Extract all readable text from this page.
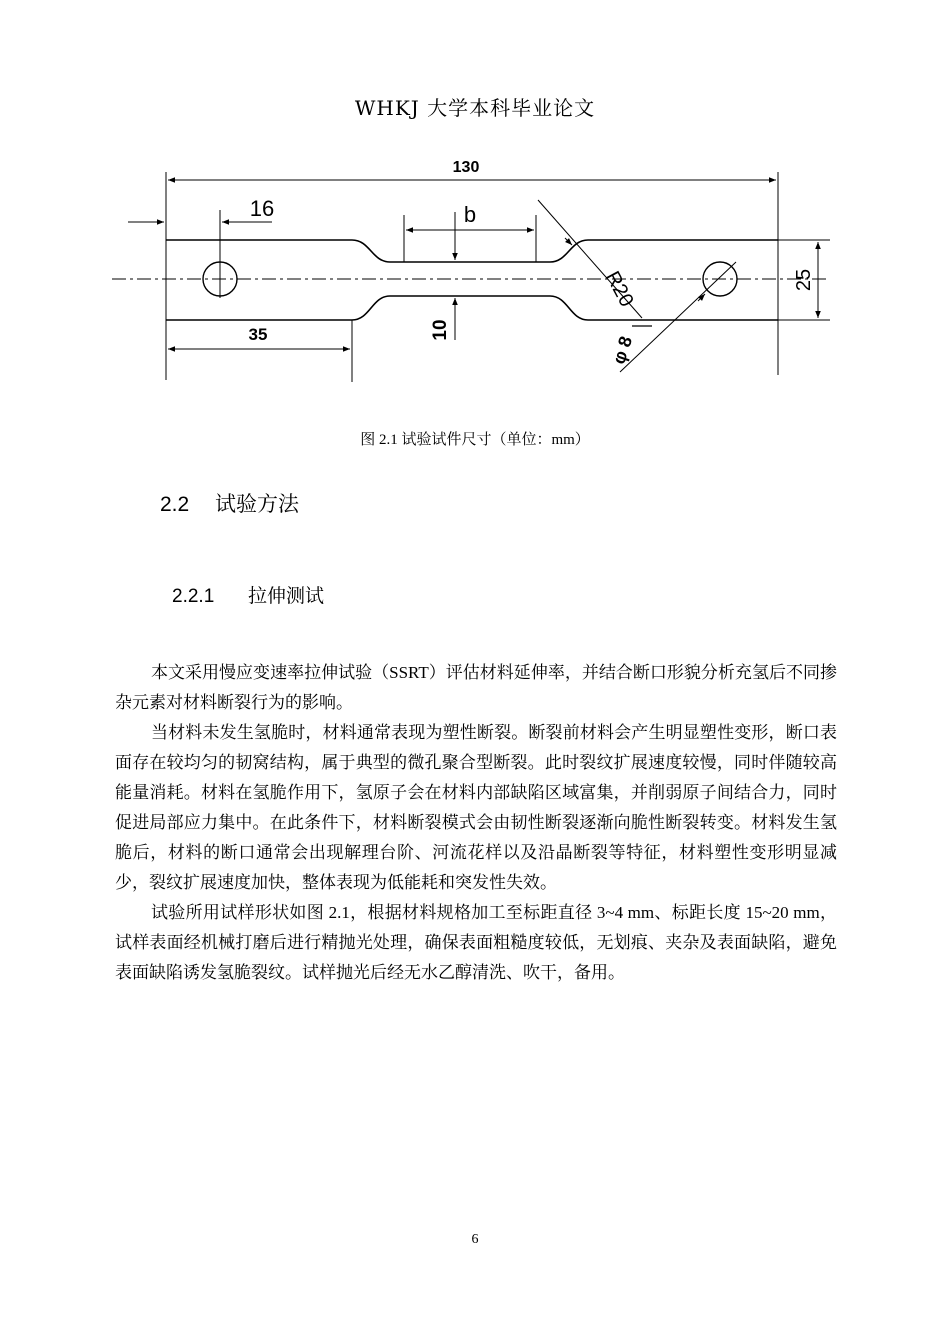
WHKJ 大学本科毕业论文
130
16	b
25
R20
35	10
φ 8
图 2.1 试验试件尺寸（单位：mm）
2.2 试验方法
2.2.1 拉伸测试

本文采用慢应变速率拉伸试验（SSRT）评估材料延伸率，并结合断口形貌分析充氢后不同掺杂元素对材料断裂行为的影响。

当材料未发生氢脆时，材料通常表现为塑性断裂。断裂前材料会产生明显塑性变形，断口表面存在较均匀的韧窝结构，属于典型的微孔聚合型断裂。此时裂纹扩展速度较慢，同时伴随较高能量消耗。材料在氢脆作用下，氢原子会在材料内部缺陷区域富集，并削弱原子间结合力，同时促进局部应力集中。在此条件下，材料断裂模式会由韧性断裂逐渐向脆性断裂转变。材料发生氢脆后，材料的断口通常会出现解理台阶、河流花样以及沿晶断裂等特征，材料塑性变形明显减少，裂纹扩展速度加快，整体表现为低能耗和突发性失效。

试验所用试样形状如图 2.1，根据材料规格加工至标距直径 3~4 mm、标距长度 15~20 mm，试样表面经机械打磨后进行精抛光处理，确保表面粗糙度较低，无划痕、夹杂及表面缺陷，避免表面缺陷诱发氢脆裂纹。试样抛光后经无水乙醇清洗、吹干，备用。

6
